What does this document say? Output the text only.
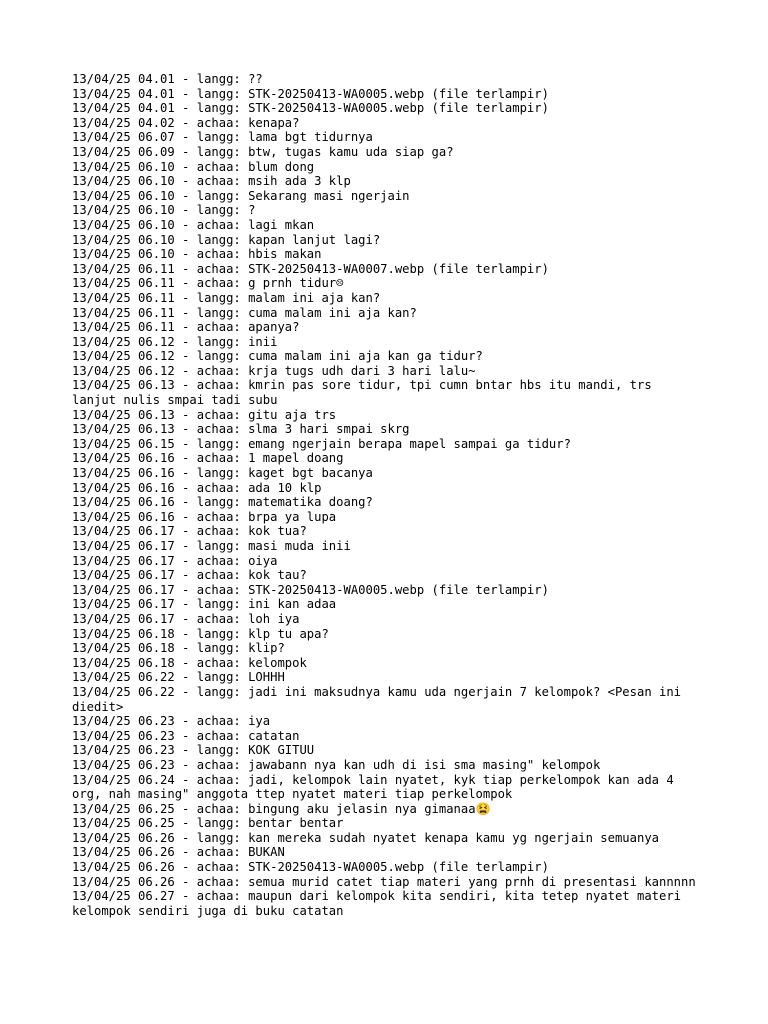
13/04/25 04.01 - langg: ??
13/04/25 04.01 - langg: STK-20250413-WA0005.webp (file terlampir)
13/04/25 04.01 - langg: STK-20250413-WA0005.webp (file terlampir)
13/04/25 04.02 - achaa: kenapa?
13/04/25 06.07 - langg: lama bgt tidurnya
13/04/25 06.09 - langg: btw, tugas kamu uda siap ga?
13/04/25 06.10 - achaa: blum dong
13/04/25 06.10 - achaa: msih ada 3 klp
13/04/25 06.10 - langg: Sekarang masi ngerjain
13/04/25 06.10 - langg: ?
13/04/25 06.10 - achaa: lagi mkan
13/04/25 06.10 - langg: kapan lanjut lagi?
13/04/25 06.10 - achaa: hbis makan
13/04/25 06.11 - achaa: STK-20250413-WA0007.webp (file terlampir)
13/04/25 06.11 - achaa: g prnh tidur☹
13/04/25 06.11 - langg: malam ini aja kan?
13/04/25 06.11 - langg: cuma malam ini aja kan?
13/04/25 06.11 - achaa: apanya?
13/04/25 06.12 - langg: inii
13/04/25 06.12 - langg: cuma malam ini aja kan ga tidur?
13/04/25 06.12 - achaa: krja tugs udh dari 3 hari lalu~
13/04/25 06.13 - achaa: kmrin pas sore tidur, tpi cumn bntar hbs itu mandi, trs lanjut nulis smpai tadi subu
13/04/25 06.13 - achaa: gitu aja trs
13/04/25 06.13 - achaa: slma 3 hari smpai skrg
13/04/25 06.15 - langg: emang ngerjain berapa mapel sampai ga tidur?
13/04/25 06.16 - achaa: 1 mapel doang
13/04/25 06.16 - langg: kaget bgt bacanya
13/04/25 06.16 - achaa: ada 10 klp
13/04/25 06.16 - langg: matematika doang?
13/04/25 06.16 - achaa: brpa ya lupa
13/04/25 06.17 - achaa: kok tua?
13/04/25 06.17 - langg: masi muda inii
13/04/25 06.17 - achaa: oiya
13/04/25 06.17 - achaa: kok tau?
13/04/25 06.17 - achaa: STK-20250413-WA0005.webp (file terlampir)
13/04/25 06.17 - langg: ini kan adaa
13/04/25 06.17 - achaa: loh iya
13/04/25 06.18 - langg: klp tu apa?
13/04/25 06.18 - langg: klip?
13/04/25 06.18 - achaa: kelompok
13/04/25 06.22 - langg: LOHHH
13/04/25 06.22 - langg: jadi ini maksudnya kamu uda ngerjain 7 kelompok? <Pesan ini diedit>
13/04/25 06.23 - achaa: iya
13/04/25 06.23 - achaa: catatan
13/04/25 06.23 - langg: KOK GITUU
13/04/25 06.23 - achaa: jawabann nya kan udh di isi sma masing" kelompok
13/04/25 06.24 - achaa: jadi, kelompok lain nyatet, kyk tiap perkelompok kan ada 4 org, nah masing" anggota ttep nyatet materi tiap perkelompok
13/04/25 06.25 - achaa: bingung aku jelasin nya gimanaa😫
13/04/25 06.25 - langg: bentar bentar
13/04/25 06.26 - langg: kan mereka sudah nyatet kenapa kamu yg ngerjain semuanya
13/04/25 06.26 - achaa: BUKAN
13/04/25 06.26 - achaa: STK-20250413-WA0005.webp (file terlampir)
13/04/25 06.26 - achaa: semua murid catet tiap materi yang prnh di presentasi kannnnn
13/04/25 06.27 - achaa: maupun dari kelompok kita sendiri, kita tetep nyatet materi kelompok sendiri juga di buku catatan
